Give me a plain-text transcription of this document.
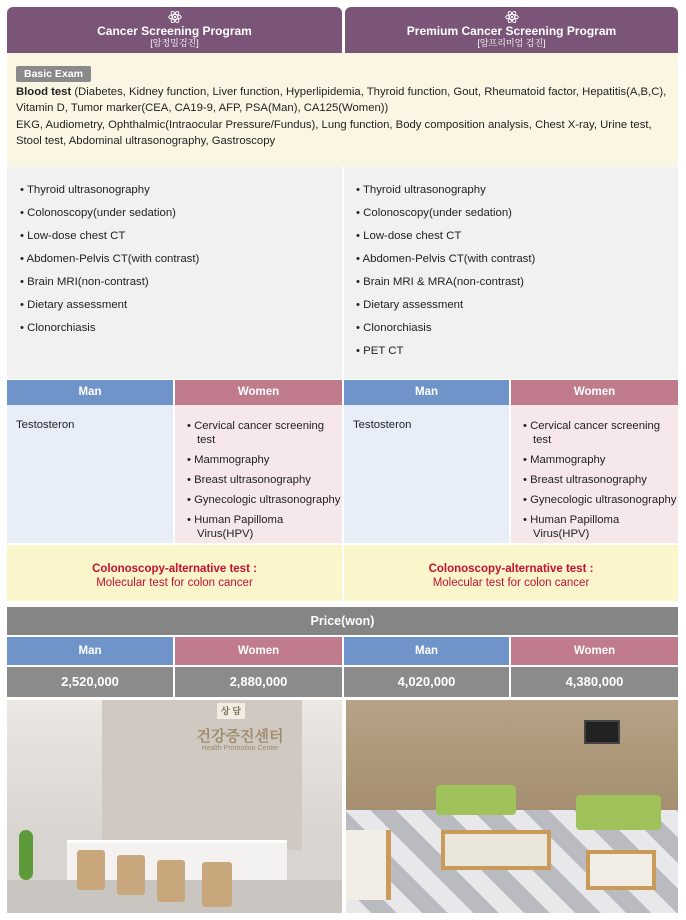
Cancer Screening Program
[암정밀검진]
Premium Cancer Screening Program
[암프리미엄 검진]
Basic Exam
Blood test (Diabetes, Kidney function, Liver function, Hyperlipidemia, Thyroid function, Gout, Rheumatoid factor, Hepatitis(A,B,C), Vitamin D, Tumor marker(CEA, CA19-9, AFP, PSA(Man), CA125(Women))
EKG, Audiometry, Ophthalmic(Intraocular Pressure/Fundus), Lung function, Body composition analysis, Chest X-ray, Urine test, Stool test, Abdominal ultrasonography, Gastroscopy
• Thyroid ultrasonography
• Colonoscopy(under sedation)
• Low-dose chest CT
• Abdomen-Pelvis CT(with contrast)
• Brain MRI(non-contrast)
• Dietary assessment
• Clonorchiasis
• Thyroid ultrasonography
• Colonoscopy(under sedation)
• Low-dose chest CT
• Abdomen-Pelvis CT(with contrast)
• Brain MRI & MRA(non-contrast)
• Dietary assessment
• Clonorchiasis
• PET CT
Man	Women	Man	Women
Testosteron	• Cervical cancer screening test
• Mammography
• Breast ultrasonography
• Gynecologic ultrasonography
• Human Papilloma Virus(HPV)
Testosteron	• Cervical cancer screening test
• Mammography
• Breast ultrasonography
• Gynecologic ultrasonography
• Human Papilloma Virus(HPV)
Colonoscopy-alternative test :
Molecular test for colon cancer
Colonoscopy-alternative test :
Molecular test for colon cancer
Price(won)
Man	Women	Man	Women
2,520,000	2,880,000	4,020,000	4,380,000
상 담
건강증진센터
Health Promotion Center
